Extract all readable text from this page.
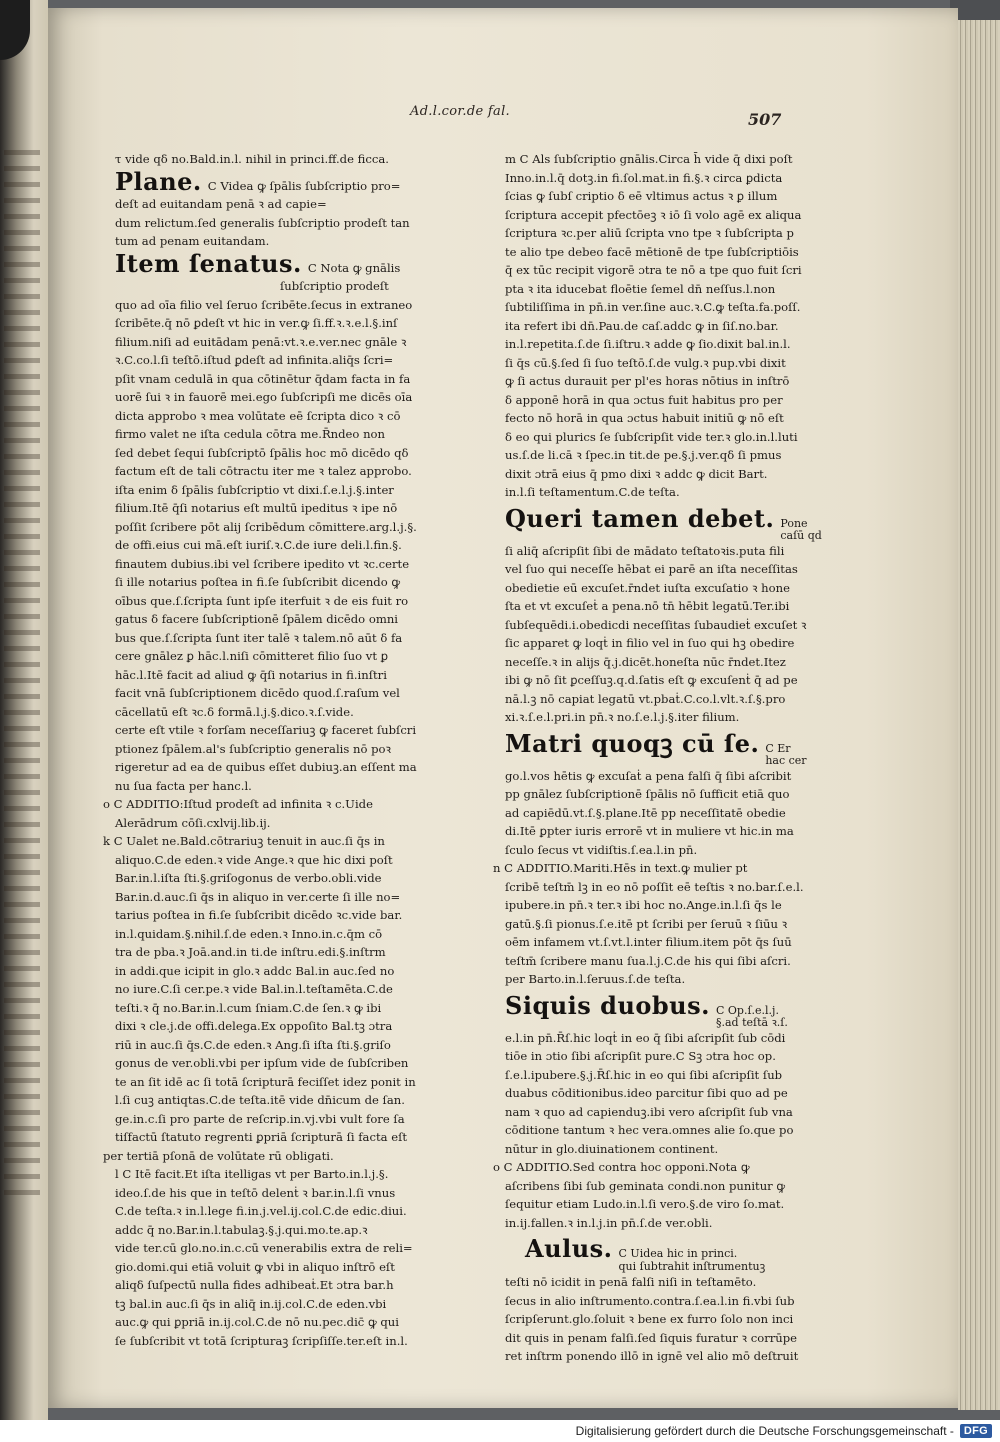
Ad.l.cor.de fal.	507
τ vide qδ no.Bald.in.l. nihil in princi.ff.de ficca.
Plane. C Videa ꝙ ſpālis ſubſcriptio pro=
deſt ad euitandam penā ꝛ ad capie=
dum relictum.ſed generalis ſubſcriptio prodeſt tan
tum ad penam euitandam.
Item ſenatus. C Nota ꝙ gnālis
ſubſcriptio prodeſt
quo ad oīa filio vel ſeruo ſcribēte.ſecus in extraneo
ſcribēte.q̄ nō ꝑdeſt vt hic in ver.ꝙ ſi.ff.ꝛ.ꝛ.e.l.§.inſ
filium.niſi ad euitādam penā:vt.ꝛ.e.ver.nec gnāle ꝛ
ꝛ.C.co.l.ſi teſtō.iſtud ꝑdeſt ad infinita.aliq̄s ſcri=
pſit vnam cedulā in qua cōtinētur q̄dam facta in fa
uorē ſui ꝛ in fauorē mei.ego ſubſcripſi me dicēs oīa
dicta approbo ꝛ mea volūtate eē ſcripta dico ꝛ cō
firmo valet ne iſta cedula cōtra me.R̄ndeo non
ſed debet ſequi ſubſcriptō ſpālis hoc mō dicēdo qδ
factum eſt de tali cōtractu iter me ꝛ talez approbo.
iſta enim δ ſpālis ſubſcriptio vt dixi.ſ.e.l.j.§.inter
filium.Itē q̄ſi notarius eſt multū ipeditus ꝛ ipe nō
poſſit ſcribere pōt alij ſcribēdum cōmittere.arg.l.j.§.
de offi.eius cui mā.eſt iuriſ.ꝛ.C.de iure deli.l.fin.§.
finautem dubius.ibi vel ſcribere ipedito vt ꝛc.certe
ſi ille notarius poſtea in fi.ſe ſubſcribit dicendo ꝙ
oībus que.ſ.ſcripta ſunt ipſe iterfuit ꝛ de eis fuit ro
gatus δ facere ſubſcriptionē ſpālem dicēdo omni
bus que.ſ.ſcripta ſunt iter talē ꝛ talem.nō aūt δ fa
cere gnālez ꝑ hāc.l.niſi cōmitteret filio ſuo vt ꝑ
hāc.l.Itē facit ad aliud ꝙ q̄ſi notarius in fi.inſtri
facit vnā ſubſcriptionem dicēdo quod.ſ.raſum vel
cācellatū eſt ꝛc.δ formā.l.j.§.dico.ꝛ.ſ.vide.
certe eſt vtile ꝛ forſam neceſſariuꝫ ꝙ faceret ſubſcri
ptionez ſpālem.al's ſubſcriptio generalis nō poꝛ
rigeretur ad ea de quibus eſſet dubiuꝫ.an eſſent ma
nu ſua facta per hanc.l.
o C ADDITIO:Iſtud prodeſt ad infinita ꝛ c.Uide
Alerādrum cōſi.cxlvij.lib.ij.
k C Ualet ne.Bald.cōtrariuꝫ tenuit in auc.ſi q̄s in
aliquo.C.de eden.ꝛ vide Ange.ꝛ que hic dixi poſt
Bar.in.l.iſta ſti.§.griſogonus de verbo.obli.vide
Bar.in.d.auc.ſi q̄s in aliquo in ver.certe ſi ille no=
tarius poſtea in fi.ſe ſubſcribit dicēdo ꝛc.vide bar.
in.l.quidam.§.nihil.ſ.de eden.ꝛ Inno.in.c.q̄m cō
tra de pba.ꝛ Joā.and.in ti.de inſtru.edi.§.inſtrm
in addi.que icipit in glo.ꝛ addc Bal.in auc.ſed no
no iure.C.ſi cer.pe.ꝛ vide Bal.in.l.teſtamēta.C.de
teſti.ꝛ q̄ no.Bar.in.l.cum ſniam.C.de ſen.ꝛ ꝙ ibi
dixi ꝛ cle.j.de offi.delega.Ex oppoſito Bal.tꝫ ɔtra
riū in auc.ſi q̄s.C.de eden.ꝛ Ang.ſi iſta ſti.§.griſo
gonus de ver.obli.vbi per ipſum vide de ſubſcriben
te an ſit idē ac ſi totā ſcripturā feciſſet idez ponit in
l.ſi cuꝫ antiqtas.C.de teſta.itē vide dn̄icum de ſan.
ge.in.c.ſi pro parte de reſcrip.in.vj.vbi vult fore ſa
tiſfactū ſtatuto regrenti ꝑpriā ſcripturā ſi facta eſt
per tertiā pſonā de volūtate rū obligati.
l C Itē facit.Et iſta itelligas vt per Barto.in.l.j.§.
ideo.ſ.de his que in teſtō delenṫ ꝛ bar.in.l.ſi vnus
C.de teſta.ꝛ in.l.lege fi.in.j.vel.ij.col.C.de edic.diui.
addc q̄ no.Bar.in.l.tabulaꝫ.§.j.qui.mo.te.ap.ꝛ
vide ter.cū glo.no.in.c.cū venerabilis extra de reli=
gio.domi.qui etiā voluit ꝙ vbi in aliquo inſtrō eſt
aliqδ ſuſpectū nulla fides adhibeaṫ.Et ɔtra bar.h
tꝫ bal.in auc.ſi q̄s in aliq̄ in.ij.col.C.de eden.vbi
auc.ꝙ qui ꝑpriā in.ij.col.C.de nō nu.pec.dic̄ ꝙ qui
ſe ſubſcribit vt totā ſcripturaꝫ ſcripſiſſe.ter.eſt in.l.
m C Als ſubſcriptio gnālis.Circa h̄ vide q̄ dixi poſt
Inno.in.l.q̄ dotꝫ.in fi.ſol.mat.in fi.§.ꝛ circa ꝑdicta
ſcias ꝙ ſubſ criptio δ eē vltimus actus ꝛ ꝑ illum
ſcriptura accepit pfectōeꝫ ꝛ iō ſi volo agē ex aliqua
ſcriptura ꝛc.per aliū ſcripta vno tpe ꝛ ſubſcripta p
te alio tpe debeo facē mētionē de tpe ſubſcriptiōis
q̄ ex tūc recipit vigorē ɔtra te nō a tpe quo fuit ſcri
pta ꝛ ita iducebat floētie ſemel dn̄ neſſus.l.non
ſubtiliſſima in pn̄.in ver.ſine auc.ꝛ.C.ꝙ teſta.fa.poſſ.
ita refert ibi dn̄.Pau.de caſ.addc ꝙ in ſiſ.no.bar.
in.l.repetita.ſ.de ſi.iſtru.ꝛ adde ꝙ ſio.dixit bal.in.l.
ſi q̄s cū.§.ſed ſi ſuo teſtō.ſ.de vulg.ꝛ pup.vbi dixit
ꝙ ſi actus durauit per pl'es horas nōtius in inſtrō
δ apponē horā in qua ɔctus fuit habitus pro per
fecto nō horā in qua ɔctus habuit initiū ꝙ nō eſt
δ eo qui plurics ſe ſubſcripſit vide ter.ꝛ glo.in.l.luti
us.ſ.de li.cā ꝛ ſpec.in tit.de pe.§.j.ver.qδ ſi pmus
dixit ɔtrā eius q̄ pmo dixi ꝛ addc ꝙ dicit Bart.
in.l.ſi teſtamentum.C.de teſta.
Queri tamen debet. Pone
caſū qd
ſi aliq̄ aſcripſit ſibi de mādato teſtatoꝛis.puta fili
vel ſuo qui neceſſe hēbat ei parē an iſta neceſſitas
obedietie eū excuſet.r̄ndet iuſta excuſatio ꝛ hone
ſta et vt excuſeṫ a pena.nō tn̄ hēbit legatū.Ter.ibi
ſubſequēdi.i.obedicdi neceſſitas ſubaudieṫ excuſet ꝛ
ſic apparet ꝙ loqṫ in filio vel in ſuo qui hꝫ obedire
neceſſe.ꝛ in alijs q̄.j.dicēt.honeſta nūc r̄ndet.Itez
ibi ꝙ nō ſit ꝑceſſuꝫ.q.d.ſatis eſt ꝙ excuſenṫ q̄ ad pe
nā.l.ꝫ nō capiat legatū vt.pbaṫ.C.co.l.vlt.ꝛ.ſ.§.pro
xi.ꝛ.ſ.e.l.pri.in pn̄.ꝛ no.ſ.e.l.j.§.iter filium.
Matri quoqꝫ cū ſe. C Er
hac cer
go.l.vos hētis ꝙ excuſaṫ a pena falſi q̄ ſibi aſcribit
pp gnālez ſubſcriptionē ſpālis nō ſufficit etiā quo
ad capiēdū.vt.ſ.§.plane.Itē pp neceſſitatē obedie
di.Itē ꝑpter iuris errorē vt in muliere vt hic.in ma
ſculo ſecus vt vidiſtis.ſ.ea.l.in pn̄.
n C ADDITIO.Mariti.Hēs in text.ꝙ mulier pt
ſcribē teſtm̄ lꝫ in eo nō poſſit eē teſtis ꝛ no.bar.ſ.e.l.
ipubere.in pn̄.ꝛ ter.ꝛ ibi hoc no.Ange.in.l.ſi q̄s le
gatū.§.ſi pionus.ſ.e.itē pt ſcribi per ſeruū ꝛ ſiūu ꝛ
oēm infamem vt.ſ.vt.l.inter filium.item pōt q̄s ſuū
teſtm̄ ſcribere manu ſua.l.j.C.de his qui ſibi aſcri.
per Barto.in.l.ſeruus.ſ.de teſta.
Siquis duobus. C Op.ſ.e.l.j.
§.ad teſtā ꝛ.ſ.
e.l.in pn̄.R̄ſ.hic loqṫ in eo q̄ ſibi aſcripſit ſub cōdi
tiōe in ɔtio ſibi aſcripſit pure.C Sꝫ ɔtra hoc op.
ſ.e.l.ipubere.§.j.R̄ſ.hic in eo qui ſibi aſcripſit ſub
duabus cōditionibus.ideo parcitur ſibi quo ad pe
nam ꝛ quo ad capienduꝫ.ibi vero aſcripſit ſub vna
cōditione tantum ꝛ hec vera.omnes alie ſo.que po
nūtur in glo.diuinationem continent.
o C ADDITIO.Sed contra hoc opponi.Nota ꝙ
aſcribens ſibi ſub geminata condi.non punitur ꝙ
ſequitur etiam Ludo.in.l.ſi vero.§.de viro ſo.mat.
in.ij.fallen.ꝛ in.l.j.in pn̄.ſ.de ver.obli.
Aulus. C Uidea hic in princi.
qui ſubtrahit inſtrumentuꝫ
teſti nō icidit in penā falſi niſi in teſtamēto.
ſecus in alio inſtrumento.contra.ſ.ea.l.in fi.vbi ſub
ſcripſerunt.glo.ſoluit ꝛ bene ex furro ſolo non inci
dit quis in penam falſi.ſed ſiquis furatur ꝛ corrūpe
ret inſtrm ponendo illō in ignē vel alio mō deſtruit
Digitalisierung gefördert durch die Deutsche Forschungsgemeinschaft - DFG
